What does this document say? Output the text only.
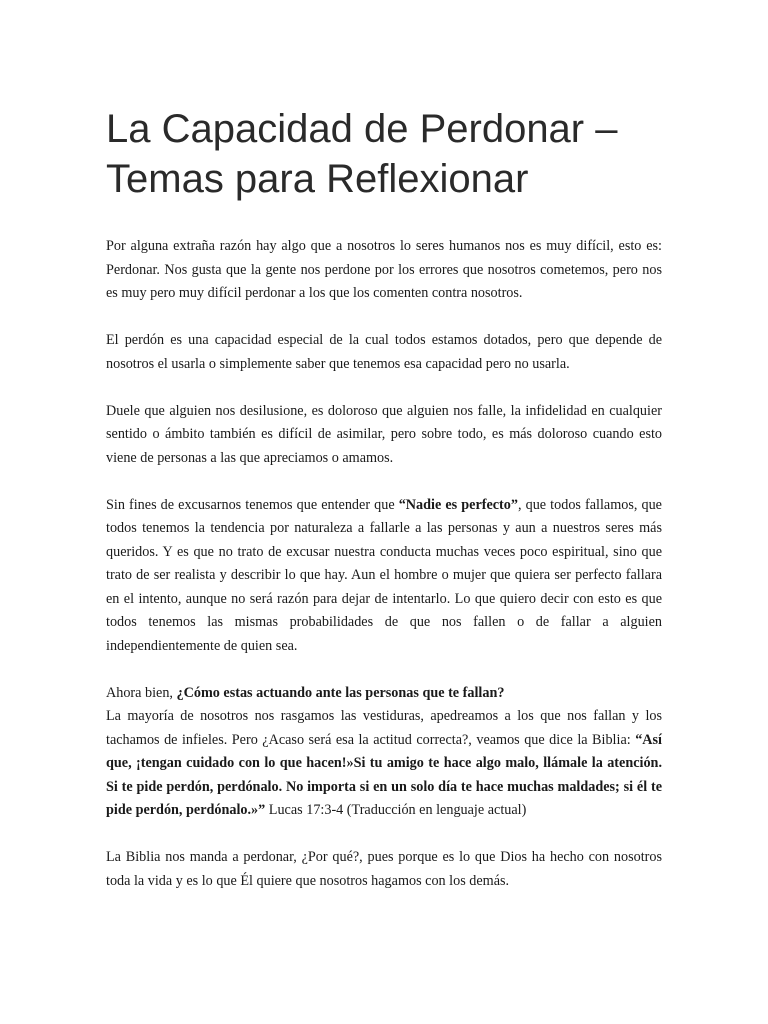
La Capacidad de Perdonar –
Temas para Reflexionar

Por alguna extraña razón hay algo que a nosotros lo seres humanos nos es muy difícil, esto es: Perdonar. Nos gusta que la gente nos perdone por los errores que nosotros cometemos, pero nos es muy pero muy difícil perdonar a los que los comenten contra nosotros.

El perdón es una capacidad especial de la cual todos estamos dotados, pero que depende de nosotros el usarla o simplemente saber que tenemos esa capacidad pero no usarla.

Duele que alguien nos desilusione, es doloroso que alguien nos falle, la infidelidad en cualquier sentido o ámbito también es difícil de asimilar, pero sobre todo, es más doloroso cuando esto viene de personas a las que apreciamos o amamos.

Sin fines de excusarnos tenemos que entender que “Nadie es perfecto”, que todos fallamos, que todos tenemos la tendencia por naturaleza a fallarle a las personas y aun a nuestros seres más queridos. Y es que no trato de excusar nuestra conducta muchas veces poco espiritual, sino que trato de ser realista y describir lo que hay. Aun el hombre o mujer que quiera ser perfecto fallara en el intento, aunque no será razón para dejar de intentarlo. Lo que quiero decir con esto es que todos tenemos las mismas probabilidades de que nos fallen o de fallar a alguien independientemente de quien sea.

Ahora bien, ¿Cómo estas actuando ante las personas que te fallan?

La mayoría de nosotros nos rasgamos las vestiduras, apedreamos a los que nos fallan y los tachamos de infieles. Pero ¿Acaso será esa la actitud correcta?, veamos que dice la Biblia: “Así que, ¡tengan cuidado con lo que hacen!»Si tu amigo te hace algo malo, llámale la atención. Si te pide perdón, perdónalo. No importa si en un solo día te hace muchas maldades; si él te pide perdón, perdónalo.»” Lucas 17:3-4 (Traducción en lenguaje actual)

La Biblia nos manda a perdonar, ¿Por qué?, pues porque es lo que Dios ha hecho con nosotros toda la vida y es lo que Él quiere que nosotros hagamos con los demás.
